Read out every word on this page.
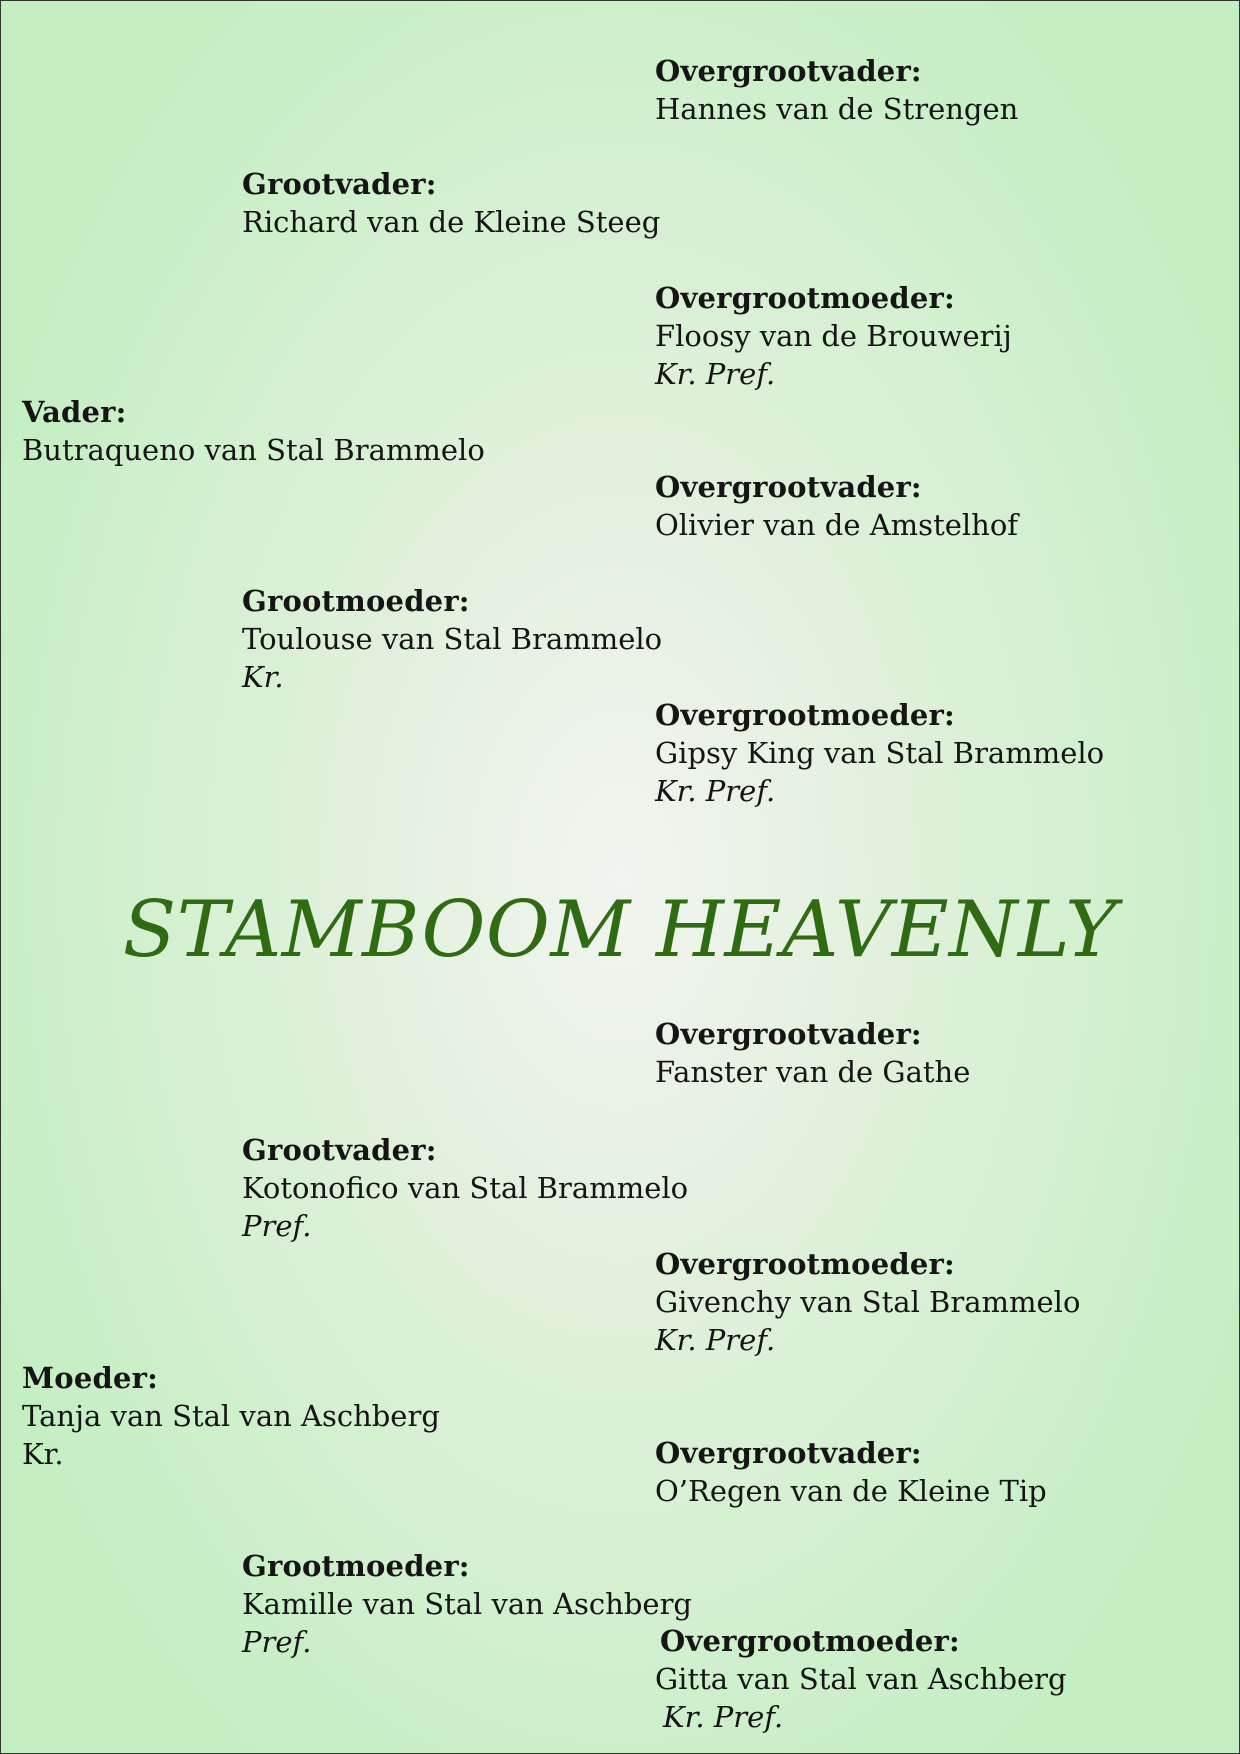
Overgrootvader:
Hannes van de Strengen
Grootvader:
Richard van de Kleine Steeg
Overgrootmoeder:
Floosy van de Brouwerij
Kr. Pref.
Vader:
Butraqueno van Stal Brammelo
Overgrootvader:
Olivier van de Amstelhof
Grootmoeder:
Toulouse van Stal Brammelo
Kr.
Overgrootmoeder:
Gipsy King van Stal Brammelo
Kr. Pref.
STAMBOOM HEAVENLY
Overgrootvader:
Fanster van de Gathe
Grootvader:
Kotonofico van Stal Brammelo
Pref.
Overgrootmoeder:
Givenchy van Stal Brammelo
Kr. Pref.
Moeder:
Tanja van Stal van Aschberg
Kr.	Overgrootvader:
O’Regen van de Kleine Tip
Grootmoeder:
Kamille van Stal van Aschberg
Pref.	Overgrootmoeder:
Gitta van Stal van Aschberg
Kr. Pref.
